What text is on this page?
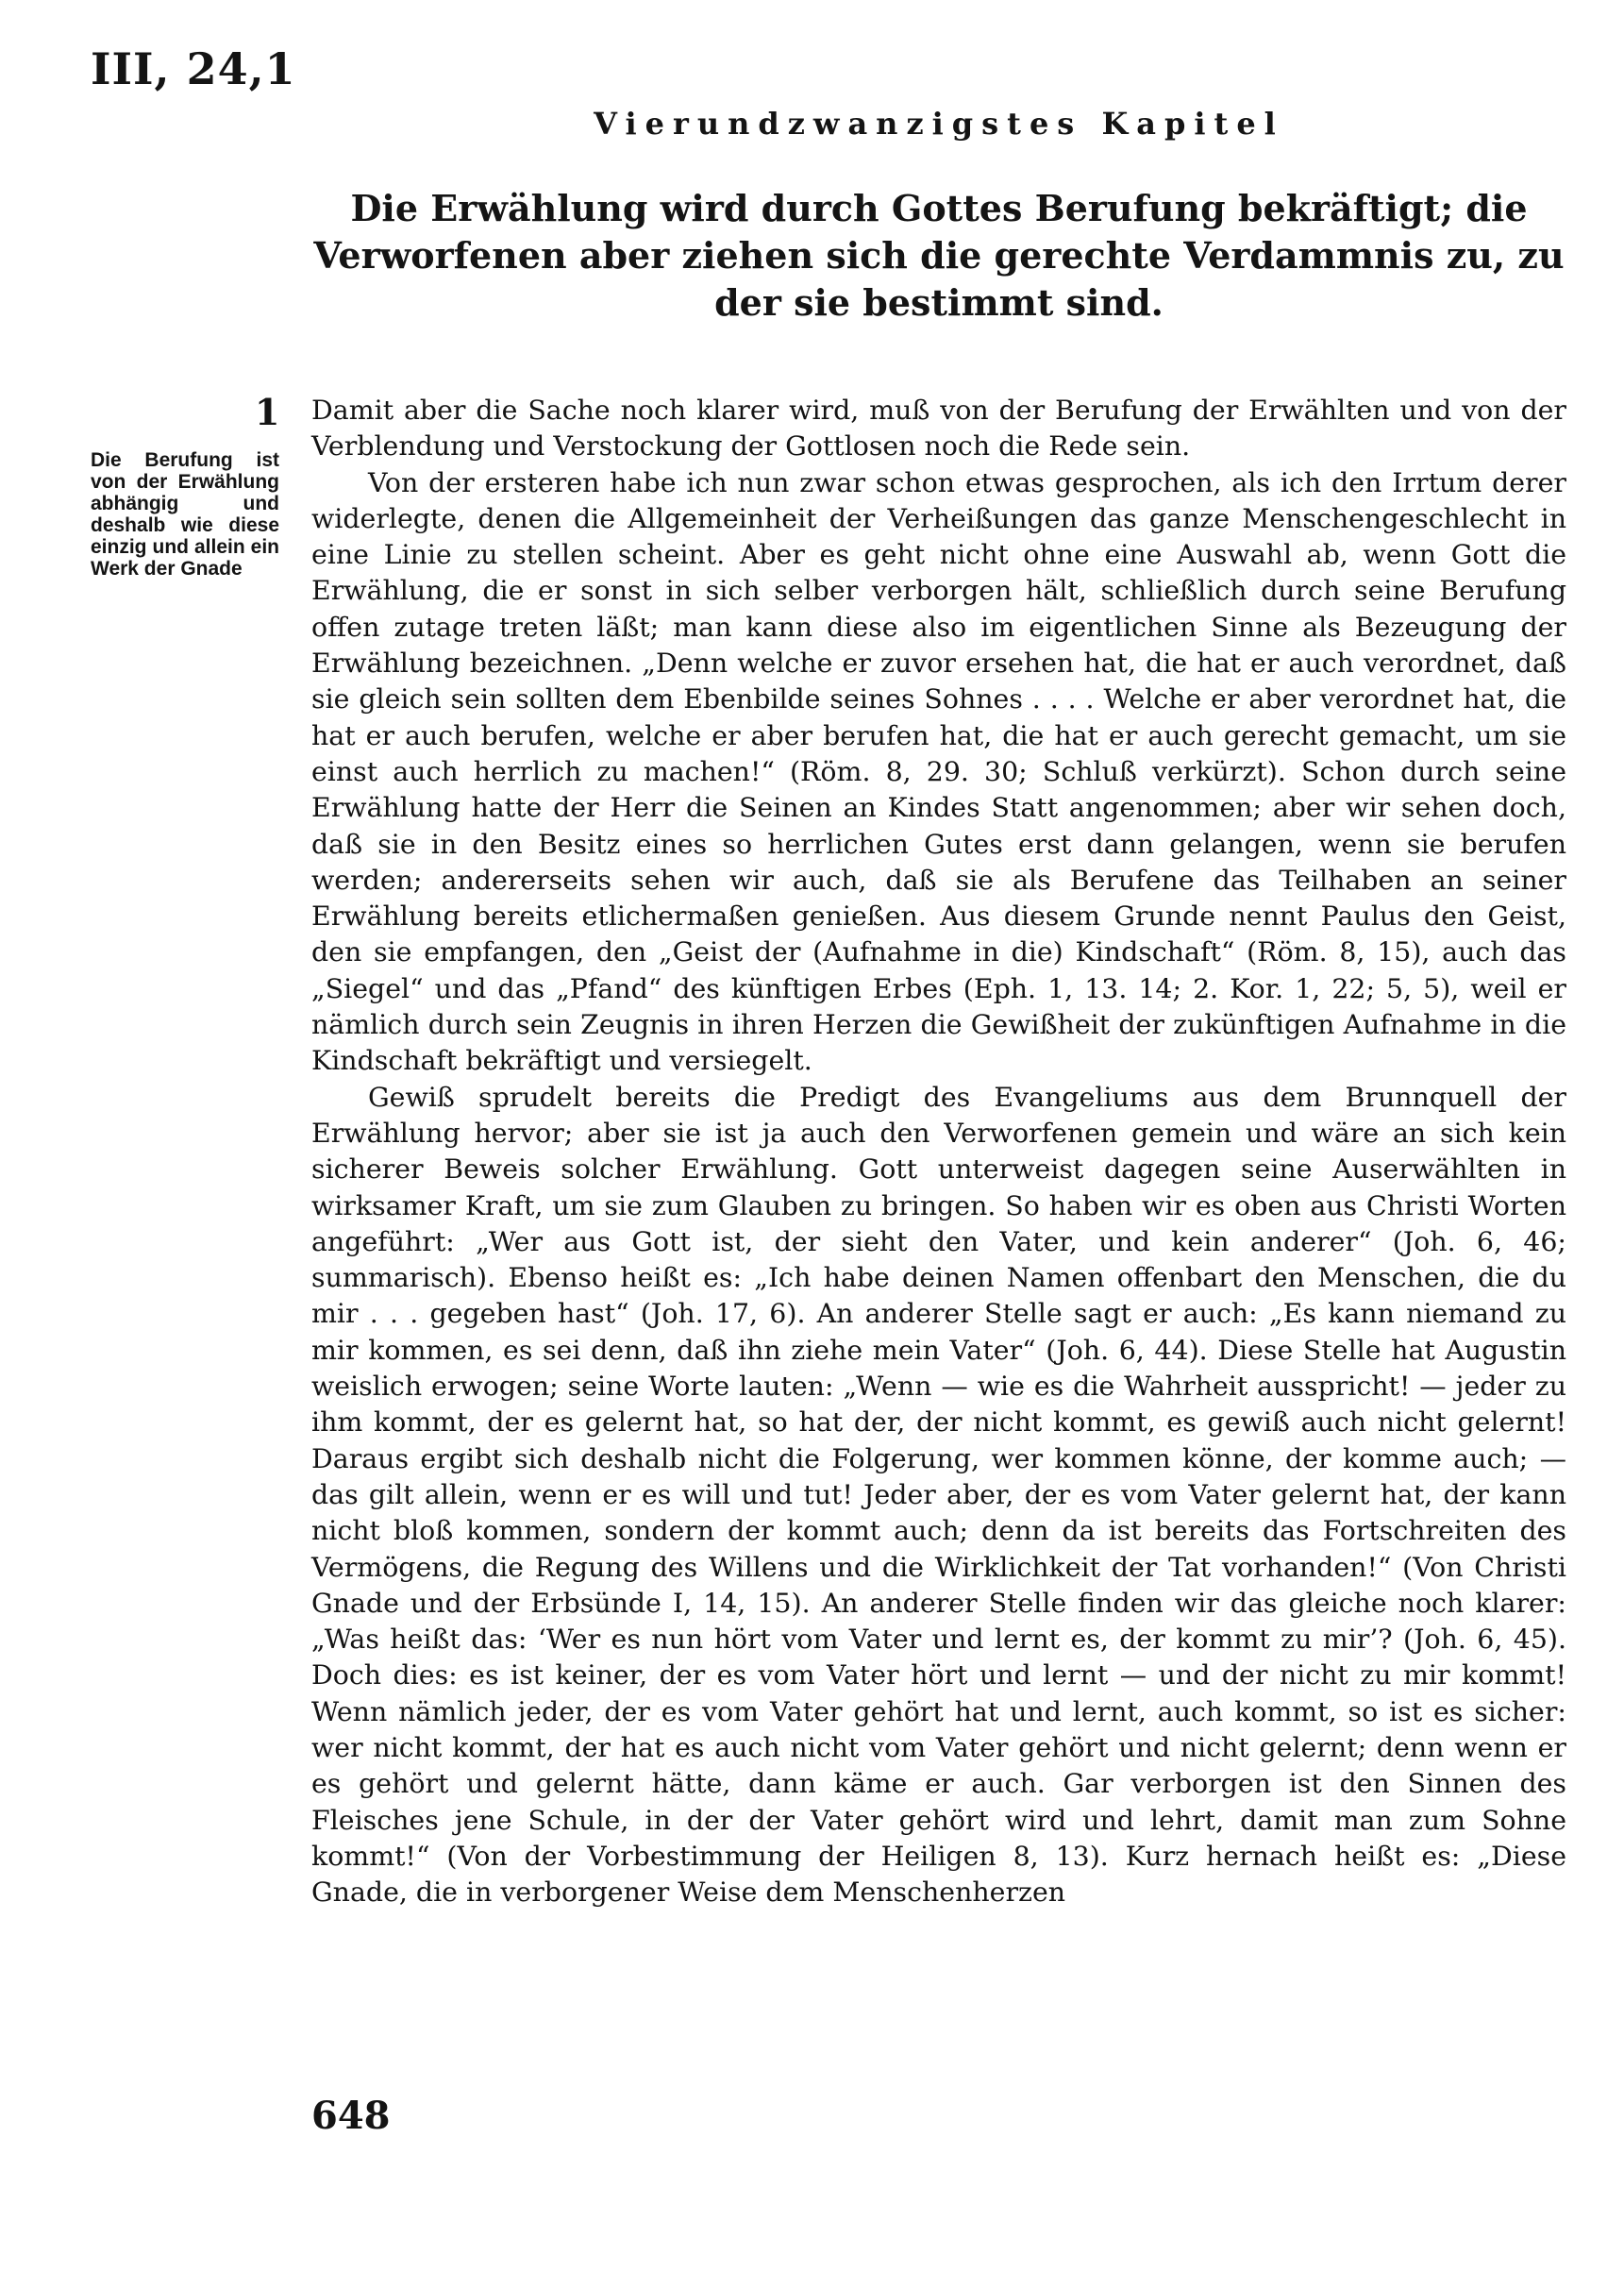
III, 24,1
Vierundzwanzigstes Kapitel
Die Erwählung wird durch Gottes Berufung bekräftigt; die Verworfenen aber ziehen sich die gerechte Verdammnis zu, zu der sie bestimmt sind.
1
Die Berufung ist von der Erwählung abhängig und deshalb wie diese einzig und allein ein Werk der Gnade

Damit aber die Sache noch klarer wird, muß von der Berufung der Erwählten und von der Verblendung und Verstockung der Gottlosen noch die Rede sein.

Von der ersteren habe ich nun zwar schon etwas gesprochen, als ich den Irrtum derer widerlegte, denen die Allgemeinheit der Verheißungen das ganze Menschengeschlecht in eine Linie zu stellen scheint. Aber es geht nicht ohne eine Auswahl ab, wenn Gott die Erwählung, die er sonst in sich selber verborgen hält, schließlich durch seine Berufung offen zutage treten läßt; man kann diese also im eigentlichen Sinne als Bezeugung der Erwählung bezeichnen. „Denn welche er zuvor ersehen hat, die hat er auch verordnet, daß sie gleich sein sollten dem Ebenbilde seines Sohnes . . . . Welche er aber verordnet hat, die hat er auch berufen, welche er aber berufen hat, die hat er auch gerecht gemacht, um sie einst auch herrlich zu machen!“ (Röm. 8, 29. 30; Schluß verkürzt). Schon durch seine Erwählung hatte der Herr die Seinen an Kindes Statt angenommen; aber wir sehen doch, daß sie in den Besitz eines so herrlichen Gutes erst dann gelangen, wenn sie berufen werden; andererseits sehen wir auch, daß sie als Berufene das Teilhaben an seiner Erwählung bereits etlichermaßen genießen. Aus diesem Grunde nennt Paulus den Geist, den sie empfangen, den „Geist der (Aufnahme in die) Kindschaft“ (Röm. 8, 15), auch das „Siegel“ und das „Pfand“ des künftigen Erbes (Eph. 1, 13. 14; 2. Kor. 1, 22; 5, 5), weil er nämlich durch sein Zeugnis in ihren Herzen die Gewißheit der zukünftigen Aufnahme in die Kindschaft bekräftigt und versiegelt.

Gewiß sprudelt bereits die Predigt des Evangeliums aus dem Brunnquell der Erwählung hervor; aber sie ist ja auch den Verworfenen gemein und wäre an sich kein sicherer Beweis solcher Erwählung. Gott unterweist dagegen seine Auserwählten in wirksamer Kraft, um sie zum Glauben zu bringen. So haben wir es oben aus Christi Worten angeführt: „Wer aus Gott ist, der sieht den Vater, und kein anderer“ (Joh. 6, 46; summarisch). Ebenso heißt es: „Ich habe deinen Namen offenbart den Menschen, die du mir . . . gegeben hast“ (Joh. 17, 6). An anderer Stelle sagt er auch: „Es kann niemand zu mir kommen, es sei denn, daß ihn ziehe mein Vater“ (Joh. 6, 44). Diese Stelle hat Augustin weislich erwogen; seine Worte lauten: „Wenn — wie es die Wahrheit ausspricht! — jeder zu ihm kommt, der es gelernt hat, so hat der, der nicht kommt, es gewiß auch nicht gelernt! Daraus ergibt sich deshalb nicht die Folgerung, wer kommen könne, der komme auch; — das gilt allein, wenn er es will und tut! Jeder aber, der es vom Vater gelernt hat, der kann nicht bloß kommen, sondern der kommt auch; denn da ist bereits das Fortschreiten des Vermögens, die Regung des Willens und die Wirklichkeit der Tat vorhanden!“ (Von Christi Gnade und der Erbsünde I, 14, 15). An anderer Stelle finden wir das gleiche noch klarer: „Was heißt das: ‘Wer es nun hört vom Vater und lernt es, der kommt zu mir’? (Joh. 6, 45). Doch dies: es ist keiner, der es vom Vater hört und lernt — und der nicht zu mir kommt! Wenn nämlich jeder, der es vom Vater gehört hat und lernt, auch kommt, so ist es sicher: wer nicht kommt, der hat es auch nicht vom Vater gehört und nicht gelernt; denn wenn er es gehört und gelernt hätte, dann käme er auch. Gar verborgen ist den Sinnen des Fleisches jene Schule, in der der Vater gehört wird und lehrt, damit man zum Sohne kommt!“ (Von der Vorbestimmung der Heiligen 8, 13). Kurz hernach heißt es: „Diese Gnade, die in verborgener Weise dem Menschenherzen

648
